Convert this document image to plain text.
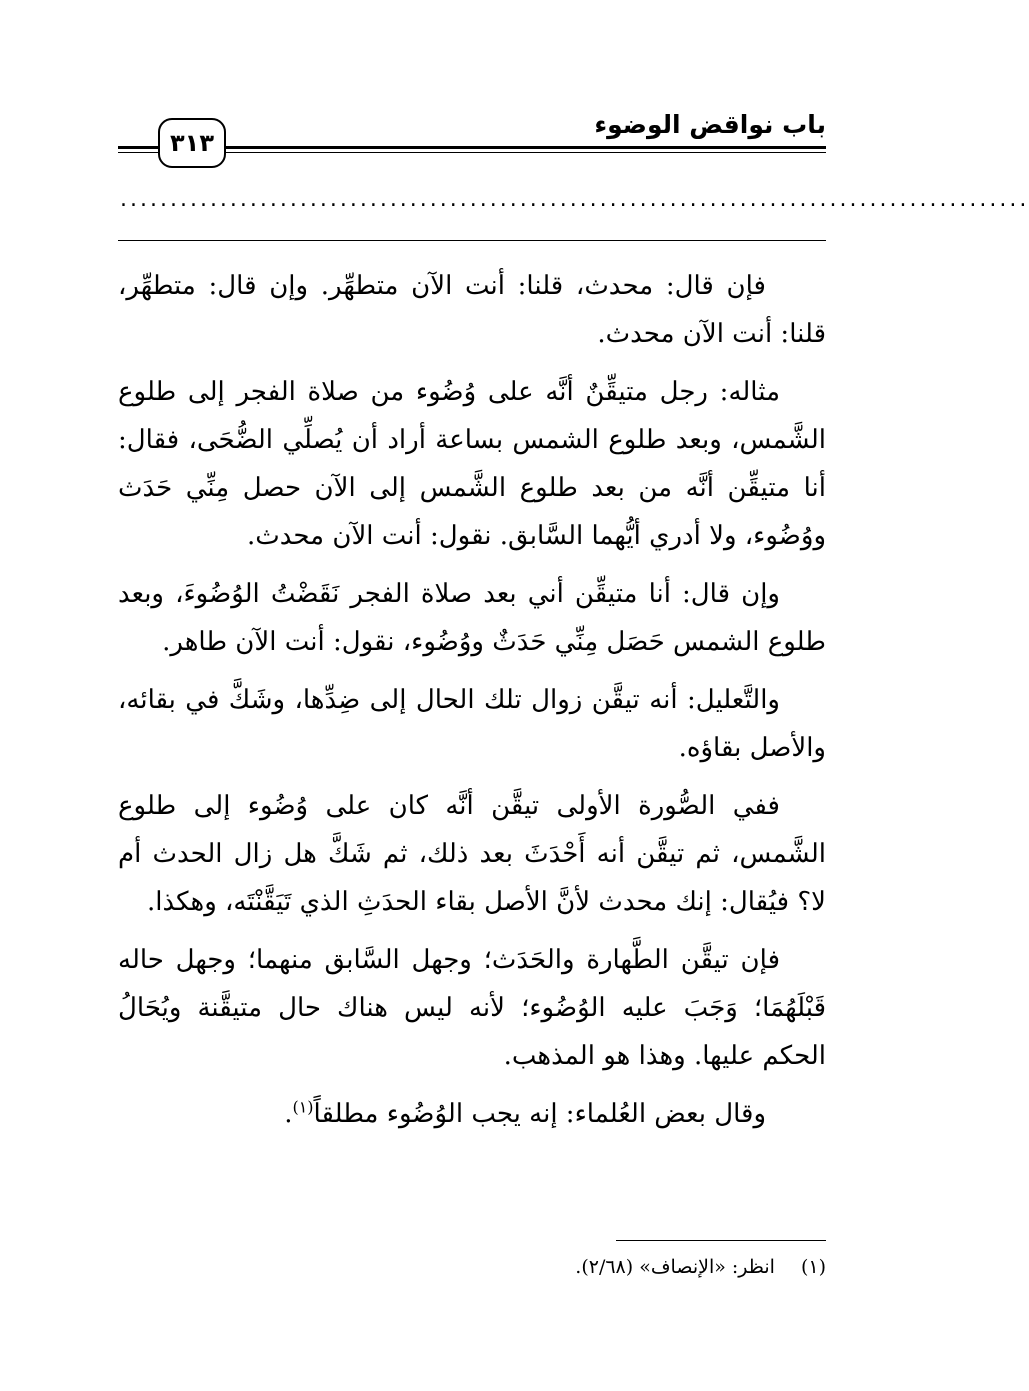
باب نواقض الوضوء
٣١٣
...........................................................................................

فإن قال: محدث، قلنا: أنت الآن متطهِّر. وإن قال: متطهِّر، قلنا: أنت الآن محدث.

مثاله: رجل متيقِّنٌ أنَّه على وُضُوء من صلاة الفجر إلى طلوع الشَّمس، وبعد طلوع الشمس بساعة أراد أن يُصلِّي الضُّحَى، فقال: أنا متيقِّن أنَّه من بعد طلوع الشَّمس إلى الآن حصل مِنِّي حَدَث ووُضُوء، ولا أدري أيُّهما السَّابق. نقول: أنت الآن محدث.

وإن قال: أنا متيقِّن أني بعد صلاة الفجر نَقَضْتُ الوُضُوءَ، وبعد طلوع الشمس حَصَل مِنِّي حَدَثٌ ووُضُوء، نقول: أنت الآن طاهر.

والتَّعليل: أنه تيقَّن زوال تلك الحال إلى ضِدِّها، وشَكَّ في بقائه، والأصل بقاؤه.

ففي الصُّورة الأولى تيقَّن أنَّه كان على وُضُوء إلى طلوع الشَّمس، ثم تيقَّن أنه أَحْدَثَ بعد ذلك، ثم شَكَّ هل زال الحدث أم لا؟ فيُقال: إنك محدث لأنَّ الأصل بقاء الحدَثِ الذي تَيَقَّنْتَه، وهكذا.

فإن تيقَّن الطَّهارة والحَدَث؛ وجهل السَّابق منهما؛ وجهل حاله قَبْلَهُمَا؛ وَجَبَ عليه الوُضُوء؛ لأنه ليس هناك حال متيقَّنة ويُحَالُ الحكم عليها. وهذا هو المذهب.

وقال بعض العُلماء: إنه يجب الوُضُوء مطلقاً$^{(١)}$.

(١)انظر: «الإنصاف» (٢/٦٨).
